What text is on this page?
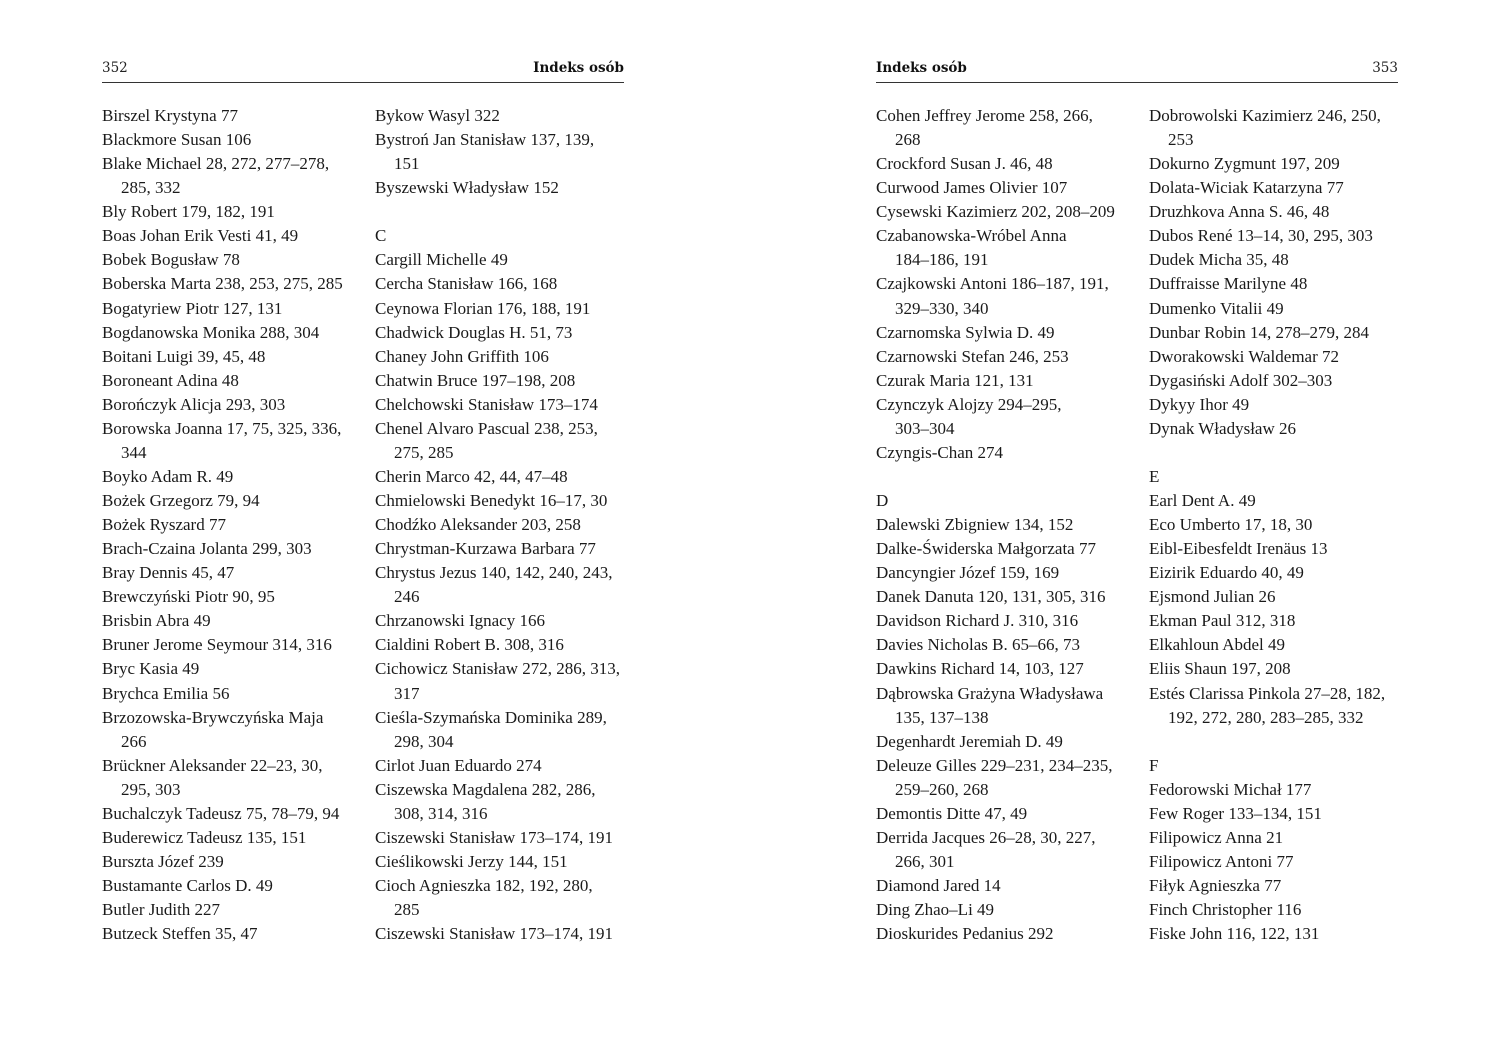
352	Indeks osób
Birszel Krystyna 77
Blackmore Susan 106
Blake Michael 28, 272, 277–278,
285, 332
Bly Robert 179, 182, 191
Boas Johan Erik Vesti 41, 49
Bobek Bogusław 78
Boberska Marta 238, 253, 275, 285
Bogatyriew Piotr 127, 131
Bogdanowska Monika 288, 304
Boitani Luigi 39, 45, 48
Boroneant Adina 48
Borończyk Alicja 293, 303
Borowska Joanna 17, 75, 325, 336,
344
Boyko Adam R. 49
Bożek Grzegorz 79, 94
Bożek Ryszard 77
Brach-Czaina Jolanta 299, 303
Bray Dennis 45, 47
Brewczyński Piotr 90, 95
Brisbin Abra 49
Bruner Jerome Seymour 314, 316
Bryc Kasia 49
Brychca Emilia 56
Brzozowska-Brywczyńska Maja
266
Brückner Aleksander 22–23, 30,
295, 303
Buchalczyk Tadeusz 75, 78–79, 94
Buderewicz Tadeusz 135, 151
Burszta Józef 239
Bustamante Carlos D. 49
Butler Judith 227
Butzeck Steffen 35, 47
Bykow Wasyl 322
Bystroń Jan Stanisław 137, 139,
151
Byszewski Władysław 152
C
Cargill Michelle 49
Cercha Stanisław 166, 168
Ceynowa Florian 176, 188, 191
Chadwick Douglas H. 51, 73
Chaney John Griffith 106
Chatwin Bruce 197–198, 208
Chelchowski Stanisław 173–174
Chenel Alvaro Pascual 238, 253,
275, 285
Cherin Marco 42, 44, 47–48
Chmielowski Benedykt 16–17, 30
Chodźko Aleksander 203, 258
Chrystman-Kurzawa Barbara 77
Chrystus Jezus 140, 142, 240, 243,
246
Chrzanowski Ignacy 166
Cialdini Robert B. 308, 316
Cichowicz Stanisław 272, 286, 313,
317
Cieśla-Szymańska Dominika 289,
298, 304
Cirlot Juan Eduardo 274
Ciszewska Magdalena 282, 286,
308, 314, 316
Ciszewski Stanisław 173–174, 191
Cieślikowski Jerzy 144, 151
Cioch Agnieszka 182, 192, 280,
285
Ciszewski Stanisław 173–174, 191
Indeks osób	353
Cohen Jeffrey Jerome 258, 266,
268
Crockford Susan J. 46, 48
Curwood James Olivier 107
Cysewski Kazimierz 202, 208–209
Czabanowska-Wróbel Anna
184–186, 191
Czajkowski Antoni 186–187, 191,
329–330, 340
Czarnomska Sylwia D. 49
Czarnowski Stefan 246, 253
Czurak Maria 121, 131
Czynczyk Alojzy 294–295,
303–304
Czyngis-Chan 274
D
Dalewski Zbigniew 134, 152
Dalke-Świderska Małgorzata 77
Dancyngier Józef 159, 169
Danek Danuta 120, 131, 305, 316
Davidson Richard J. 310, 316
Davies Nicholas B. 65–66, 73
Dawkins Richard 14, 103, 127
Dąbrowska Grażyna Władysława
135, 137–138
Degenhardt Jeremiah D. 49
Deleuze Gilles 229–231, 234–235,
259–260, 268
Demontis Ditte 47, 49
Derrida Jacques 26–28, 30, 227,
266, 301
Diamond Jared 14
Ding Zhao–Li 49
Dioskurides Pedanius 292
Dobrowolski Kazimierz 246, 250,
253
Dokurno Zygmunt 197, 209
Dolata-Wiciak Katarzyna 77
Druzhkova Anna S. 46, 48
Dubos René 13–14, 30, 295, 303
Dudek Micha 35, 48
Duffraisse Marilyne 48
Dumenko Vitalii 49
Dunbar Robin 14, 278–279, 284
Dworakowski Waldemar 72
Dygasiński Adolf 302–303
Dykyy Ihor 49
Dynak Władysław 26
E
Earl Dent A. 49
Eco Umberto 17, 18, 30
Eibl-Eibesfeldt Irenäus 13
Eizirik Eduardo 40, 49
Ejsmond Julian 26
Ekman Paul 312, 318
Elkahloun Abdel 49
Eliis Shaun 197, 208
Estés Clarissa Pinkola 27–28, 182,
192, 272, 280, 283–285, 332
F
Fedorowski Michał 177
Few Roger 133–134, 151
Filipowicz Anna 21
Filipowicz Antoni 77
Fiłyk Agnieszka 77
Finch Christopher 116
Fiske John 116, 122, 131
